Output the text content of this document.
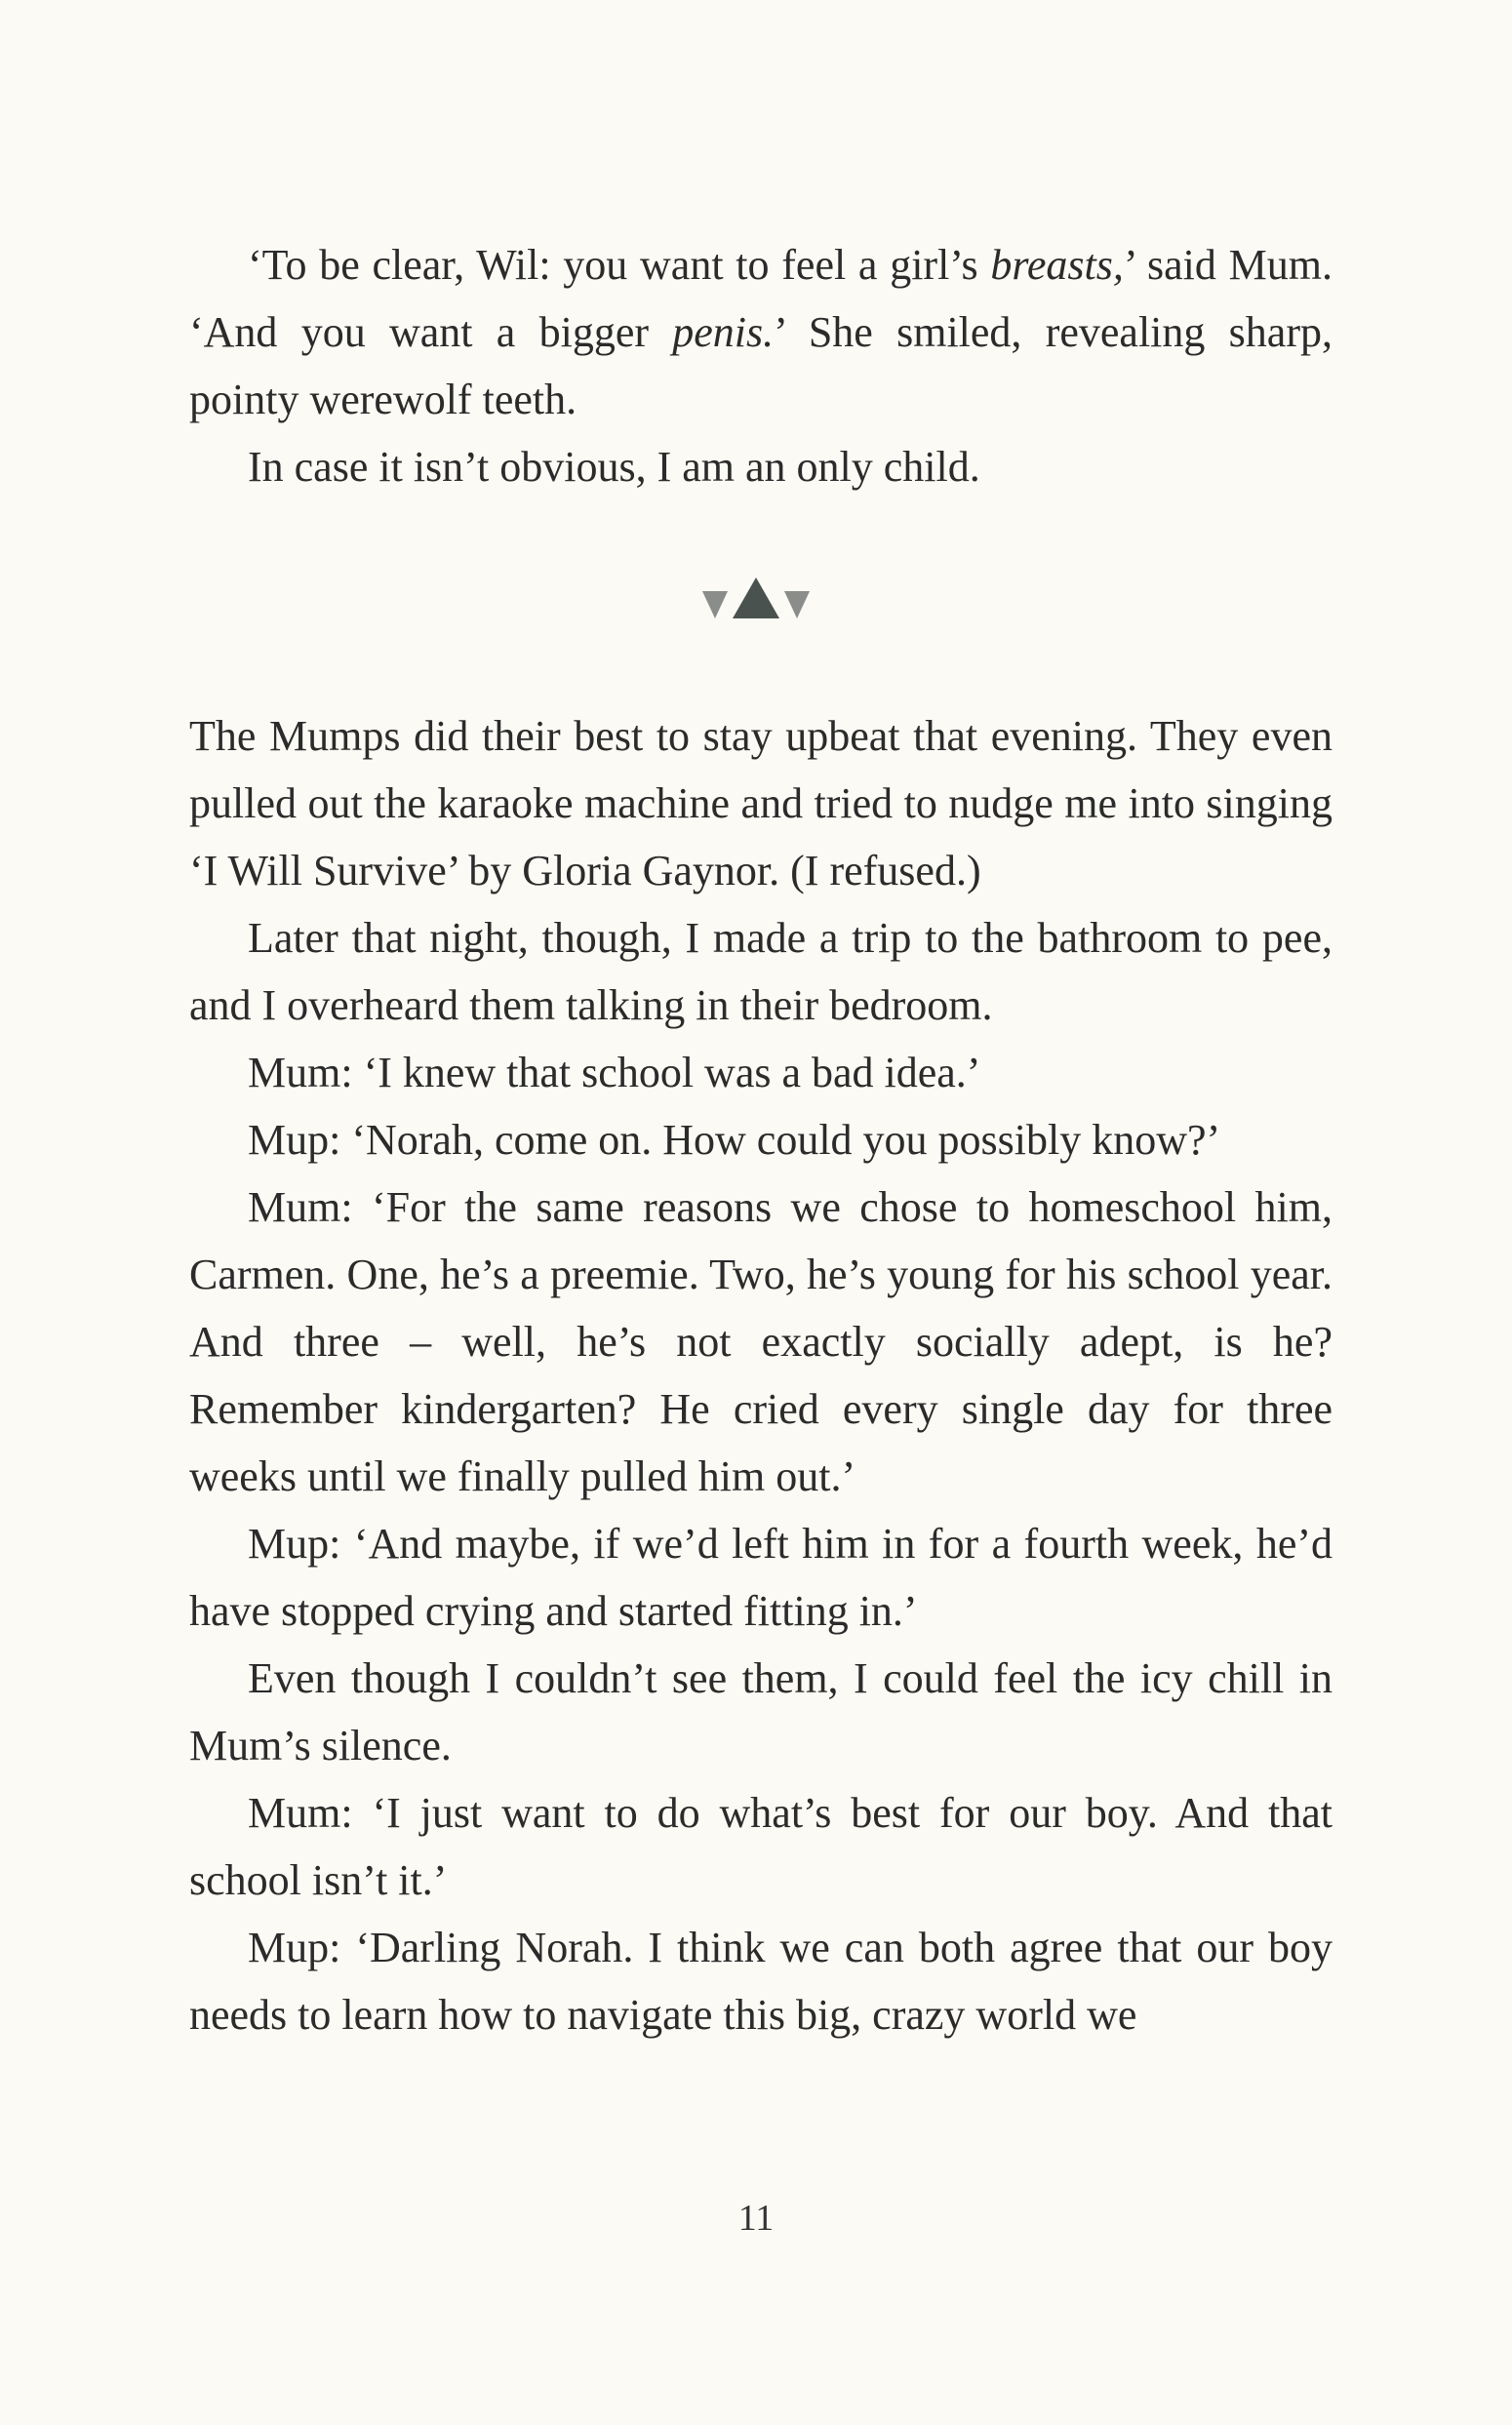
‘To be clear, Wil: you want to feel a girl’s breasts,’ said Mum. ‘And you want a bigger penis.’ She smiled, revealing sharp, pointy werewolf teeth.

In case it isn’t obvious, I am an only child.

The Mumps did their best to stay upbeat that evening. They even pulled out the karaoke machine and tried to nudge me into singing ‘I Will Survive’ by Gloria Gaynor. (I refused.)

Later that night, though, I made a trip to the bathroom to pee, and I overheard them talking in their bedroom.

Mum: ‘I knew that school was a bad idea.’

Mup: ‘Norah, come on. How could you possibly know?’

Mum: ‘For the same reasons we chose to homeschool him, Carmen. One, he’s a preemie. Two, he’s young for his school year. And three – well, he’s not exactly socially adept, is he? Remember kindergarten? He cried every single day for three weeks until we finally pulled him out.’

Mup: ‘And maybe, if we’d left him in for a fourth week, he’d have stopped crying and started fitting in.’

Even though I couldn’t see them, I could feel the icy chill in Mum’s silence.

Mum: ‘I just want to do what’s best for our boy. And that school isn’t it.’

Mup: ‘Darling Norah. I think we can both agree that our boy needs to learn how to navigate this big, crazy world we

11
